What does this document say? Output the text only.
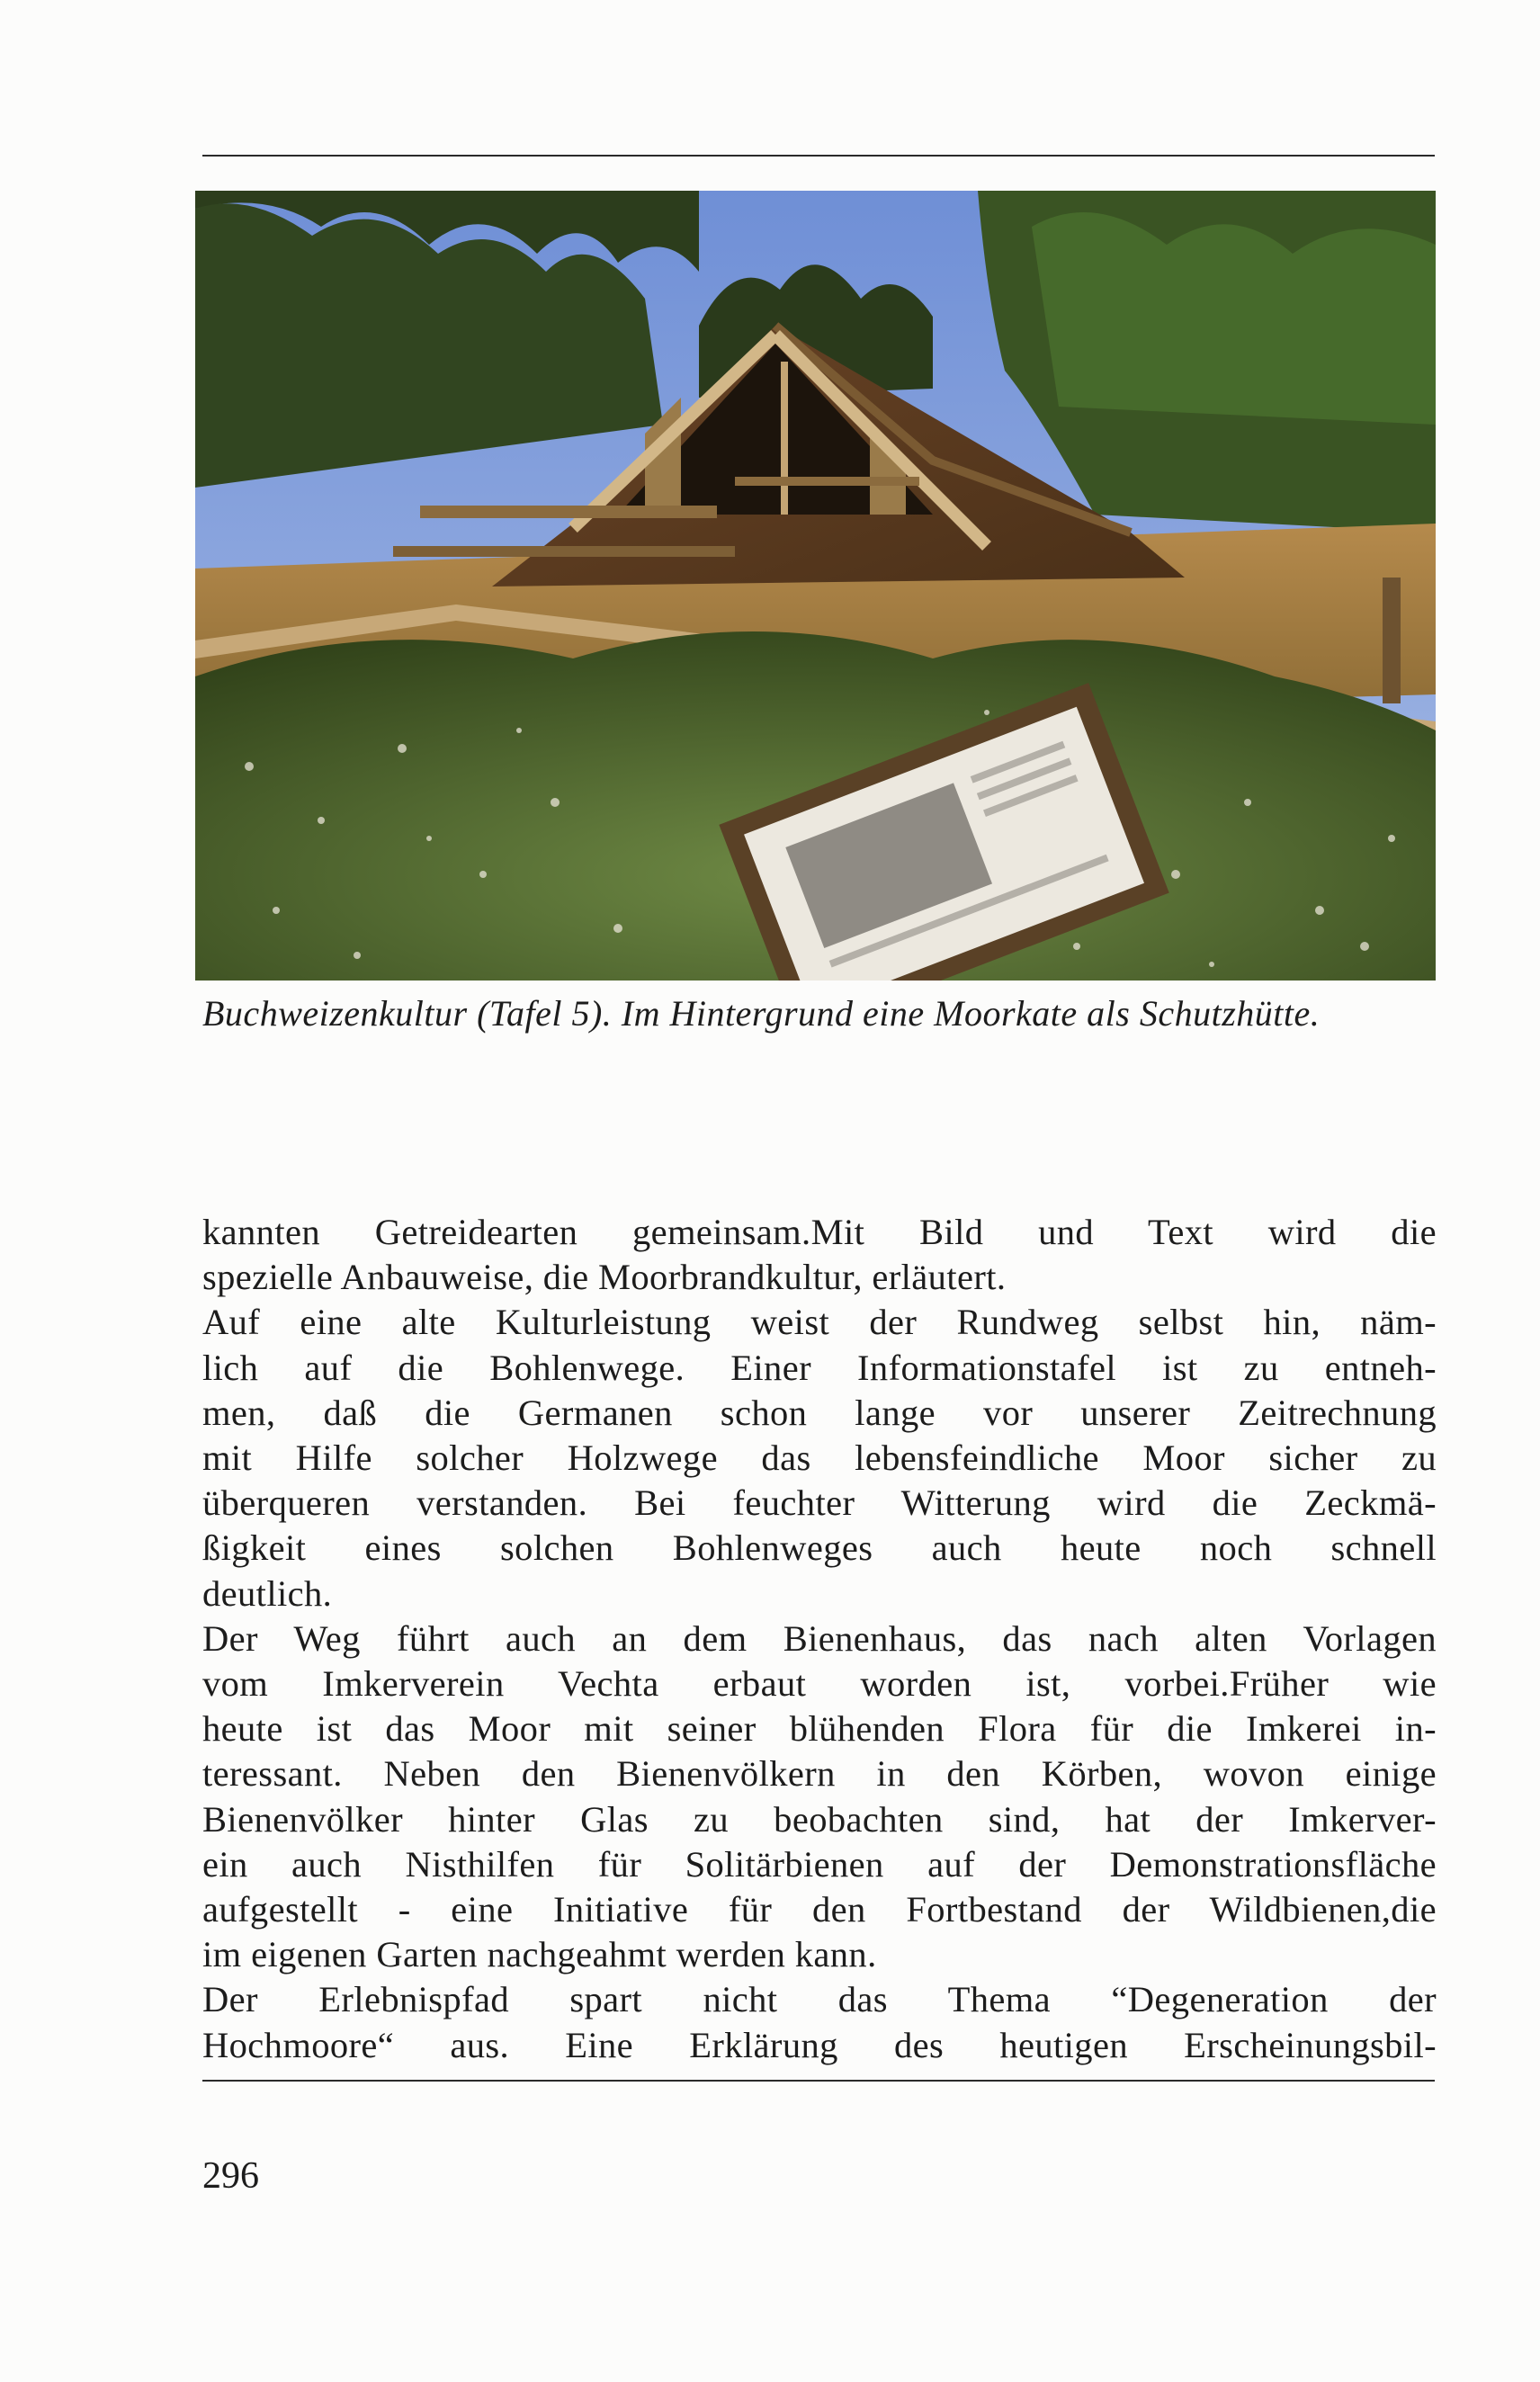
Buchweizenkultur (Tafel 5). Im Hintergrund eine Moorkate als Schutzhütte.

kannten Getreidearten gemeinsam.Mit Bild und Text wird die

spezielle Anbauweise, die Moorbrandkultur, erläutert.

Auf eine alte Kulturleistung weist der Rundweg selbst hin, näm-

lich auf die Bohlenwege. Einer Informationstafel ist zu entneh-

men, daß die Germanen schon lange vor unserer Zeitrechnung

mit Hilfe solcher Holzwege das lebensfeindliche Moor sicher zu

überqueren verstanden. Bei feuchter Witterung wird die Zeckmä-

ßigkeit eines solchen Bohlenweges auch heute noch schnell

deutlich.

Der Weg führt auch an dem Bienenhaus, das nach alten Vorlagen

vom Imkerverein Vechta erbaut worden ist, vorbei.Früher wie

heute ist das Moor mit seiner blühenden Flora für die Imkerei in-

teressant. Neben den Bienenvölkern in den Körben, wovon einige

Bienenvölker hinter Glas zu beobachten sind, hat der Imkerver-

ein auch Nisthilfen für Solitärbienen auf der Demonstrationsfläche

aufgestellt - eine Initiative für den Fortbestand der Wildbienen,die

im eigenen Garten nachgeahmt werden kann.

Der Erlebnispfad spart nicht das Thema “Degeneration der

Hochmoore“ aus. Eine Erklärung des heutigen Erscheinungsbil-

296
